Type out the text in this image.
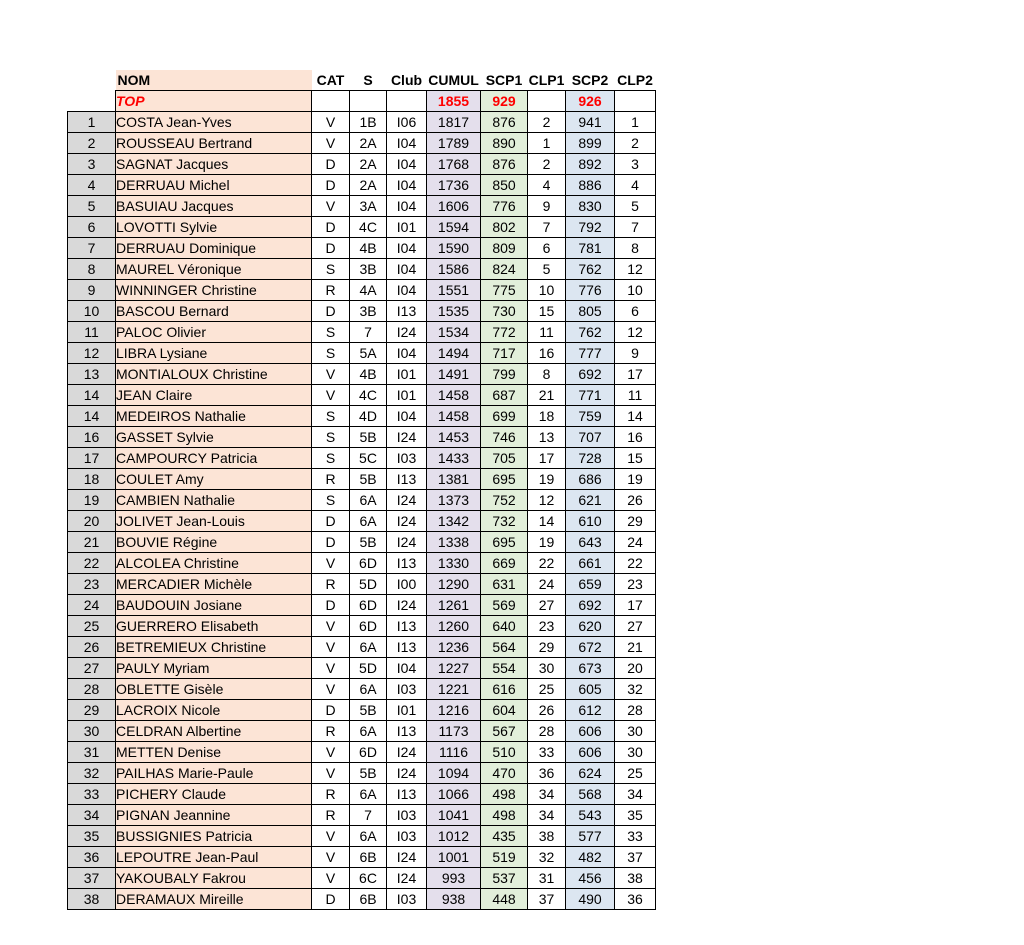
	NOM	CAT	S	Club	CUMUL	SCP1	CLP1	SCP2	CLP2
	TOP				1855	929		926	
1	COSTA Jean-Yves	V	1B	I06	1817	876	2	941	1
2	ROUSSEAU Bertrand	V	2A	I04	1789	890	1	899	2
3	SAGNAT Jacques	D	2A	I04	1768	876	2	892	3
4	DERRUAU Michel	D	2A	I04	1736	850	4	886	4
5	BASUIAU Jacques	V	3A	I04	1606	776	9	830	5
6	LOVOTTI Sylvie	D	4C	I01	1594	802	7	792	7
7	DERRUAU Dominique	D	4B	I04	1590	809	6	781	8
8	MAUREL Véronique	S	3B	I04	1586	824	5	762	12
9	WINNINGER Christine	R	4A	I04	1551	775	10	776	10
10	BASCOU Bernard	D	3B	I13	1535	730	15	805	6
11	PALOC Olivier	S	7	I24	1534	772	11	762	12
12	LIBRA Lysiane	S	5A	I04	1494	717	16	777	9
13	MONTIALOUX Christine	V	4B	I01	1491	799	8	692	17
14	JEAN Claire	V	4C	I01	1458	687	21	771	11
14	MEDEIROS Nathalie	S	4D	I04	1458	699	18	759	14
16	GASSET Sylvie	S	5B	I24	1453	746	13	707	16
17	CAMPOURCY Patricia	S	5C	I03	1433	705	17	728	15
18	COULET Amy	R	5B	I13	1381	695	19	686	19
19	CAMBIEN Nathalie	S	6A	I24	1373	752	12	621	26
20	JOLIVET Jean-Louis	D	6A	I24	1342	732	14	610	29
21	BOUVIE Régine	D	5B	I24	1338	695	19	643	24
22	ALCOLEA Christine	V	6D	I13	1330	669	22	661	22
23	MERCADIER Michèle	R	5D	I00	1290	631	24	659	23
24	BAUDOUIN Josiane	D	6D	I24	1261	569	27	692	17
25	GUERRERO Elisabeth	V	6D	I13	1260	640	23	620	27
26	BETREMIEUX Christine	V	6A	I13	1236	564	29	672	21
27	PAULY Myriam	V	5D	I04	1227	554	30	673	20
28	OBLETTE Gisèle	V	6A	I03	1221	616	25	605	32
29	LACROIX Nicole	D	5B	I01	1216	604	26	612	28
30	CELDRAN Albertine	R	6A	I13	1173	567	28	606	30
31	METTEN Denise	V	6D	I24	1116	510	33	606	30
32	PAILHAS Marie-Paule	V	5B	I24	1094	470	36	624	25
33	PICHERY Claude	R	6A	I13	1066	498	34	568	34
34	PIGNAN Jeannine	R	7	I03	1041	498	34	543	35
35	BUSSIGNIES Patricia	V	6A	I03	1012	435	38	577	33
36	LEPOUTRE Jean-Paul	V	6B	I24	1001	519	32	482	37
37	YAKOUBALY Fakrou	V	6C	I24	993	537	31	456	38
38	DERAMAUX Mireille	D	6B	I03	938	448	37	490	36
